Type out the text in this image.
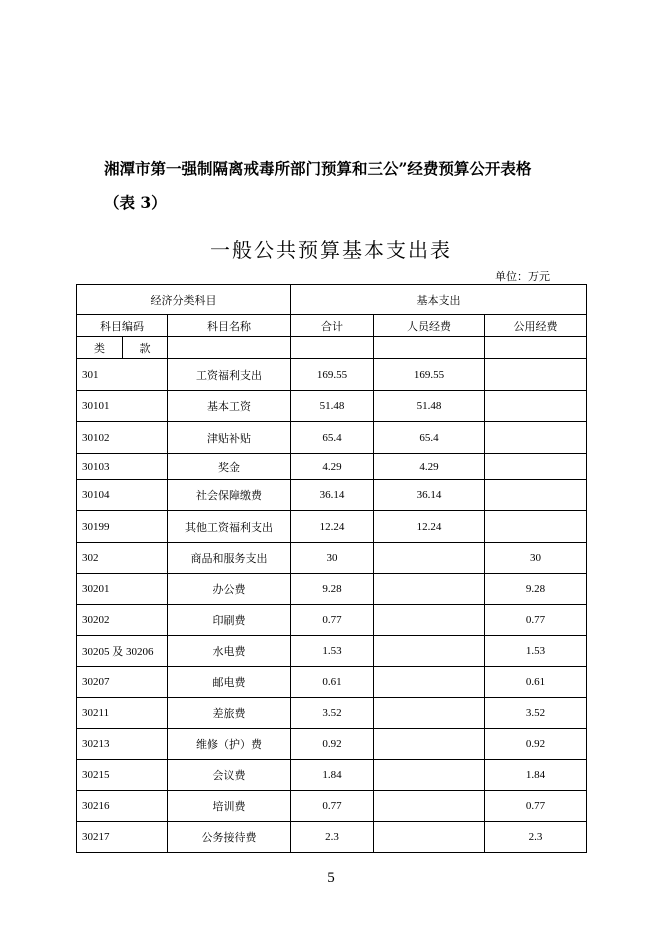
湘潭市第一强制隔离戒毒所部门预算和三公”经费预算公开表格
（表 3）
一般公共预算基本支出表
单位：万元
经济分类科目			基本支出		
科目编码		科目名称	合计	人员经费	公用经费
类	款				
301		工资福利支出	169.55	169.55	
30101		基本工资	51.48	51.48	
30102		津贴补贴	65.4	65.4	
30103		奖金	4.29	4.29	
30104		社会保障缴费	36.14	36.14	
30199		其他工资福利支出	12.24	12.24	
302		商品和服务支出	30		30
30201		办公费	9.28		9.28
30202		印刷费	0.77		0.77
30205 及 30206		水电费	1.53		1.53
30207		邮电费	0.61		0.61
30211		差旅费	3.52		3.52
30213		维修（护）费	0.92		0.92
30215		会议费	1.84		1.84
30216		培训费	0.77		0.77
30217		公务接待费	2.3		2.3
5
